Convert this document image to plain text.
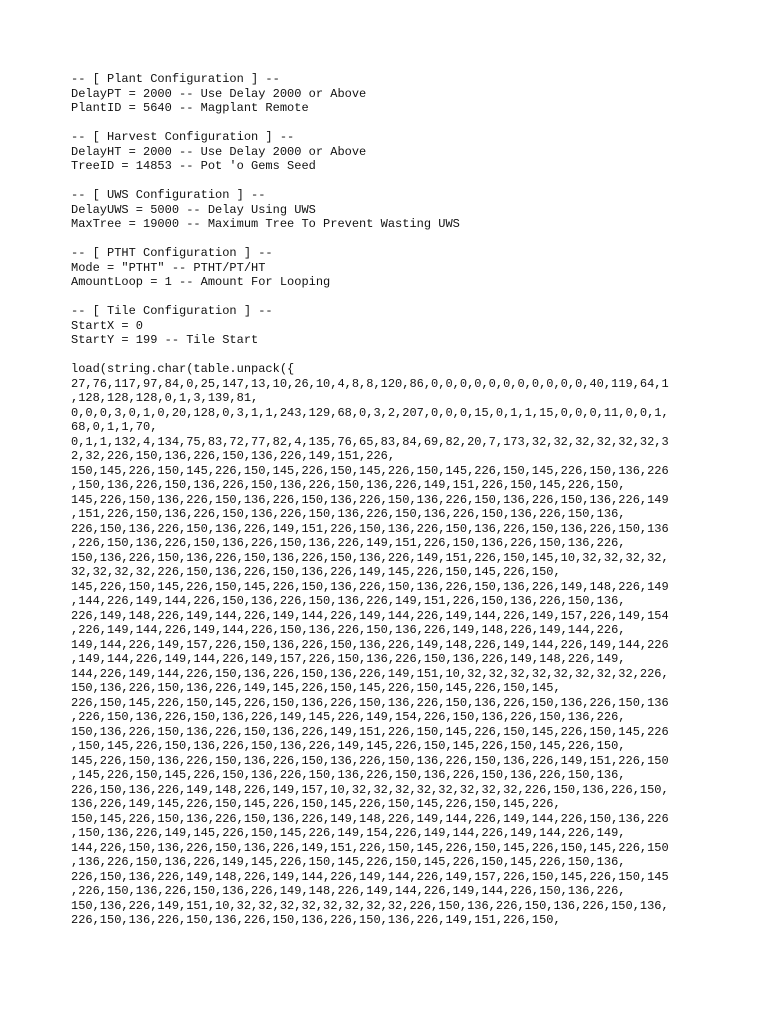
-- [ Plant Configuration ] --
DelayPT = 2000 -- Use Delay 2000 or Above
PlantID = 5640 -- Magplant Remote
-- [ Harvest Configuration ] --
DelayHT = 2000 -- Use Delay 2000 or Above
TreeID = 14853 -- Pot 'o Gems Seed
-- [ UWS Configuration ] --
DelayUWS = 5000 -- Delay Using UWS
MaxTree = 19000 -- Maximum Tree To Prevent Wasting UWS
-- [ PTHT Configuration ] --
Mode = "PTHT" -- PTHT/PT/HT
AmountLoop = 1 -- Amount For Looping
-- [ Tile Configuration ] --
StartX = 0
StartY = 199 -- Tile Start
load(string.char(table.unpack({
27,76,117,97,84,0,25,147,13,10,26,10,4,8,8,120,86,0,0,0,0,0,0,0,0,0,0,0,40,119,64,1
,128,128,128,0,1,3,139,81,
0,0,0,3,0,1,0,20,128,0,3,1,1,243,129,68,0,3,2,207,0,0,0,15,0,1,1,15,0,0,0,11,0,0,1,
68,0,1,1,70,
0,1,1,132,4,134,75,83,72,77,82,4,135,76,65,83,84,69,82,20,7,173,32,32,32,32,32,32,3
2,32,226,150,136,226,150,136,226,149,151,226,
150,145,226,150,145,226,150,145,226,150,145,226,150,145,226,150,145,226,150,136,226
,150,136,226,150,136,226,150,136,226,150,136,226,149,151,226,150,145,226,150,
145,226,150,136,226,150,136,226,150,136,226,150,136,226,150,136,226,150,136,226,149
,151,226,150,136,226,150,136,226,150,136,226,150,136,226,150,136,226,150,136,
226,150,136,226,150,136,226,149,151,226,150,136,226,150,136,226,150,136,226,150,136
,226,150,136,226,150,136,226,150,136,226,149,151,226,150,136,226,150,136,226,
150,136,226,150,136,226,150,136,226,150,136,226,149,151,226,150,145,10,32,32,32,32,
32,32,32,32,226,150,136,226,150,136,226,149,145,226,150,145,226,150,
145,226,150,145,226,150,145,226,150,136,226,150,136,226,150,136,226,149,148,226,149
,144,226,149,144,226,150,136,226,150,136,226,149,151,226,150,136,226,150,136,
226,149,148,226,149,144,226,149,144,226,149,144,226,149,144,226,149,157,226,149,154
,226,149,144,226,149,144,226,150,136,226,150,136,226,149,148,226,149,144,226,
149,144,226,149,157,226,150,136,226,150,136,226,149,148,226,149,144,226,149,144,226
,149,144,226,149,144,226,149,157,226,150,136,226,150,136,226,149,148,226,149,
144,226,149,144,226,150,136,226,150,136,226,149,151,10,32,32,32,32,32,32,32,32,226,
150,136,226,150,136,226,149,145,226,150,145,226,150,145,226,150,145,
226,150,145,226,150,145,226,150,136,226,150,136,226,150,136,226,150,136,226,150,136
,226,150,136,226,150,136,226,149,145,226,149,154,226,150,136,226,150,136,226,
150,136,226,150,136,226,150,136,226,149,151,226,150,145,226,150,145,226,150,145,226
,150,145,226,150,136,226,150,136,226,149,145,226,150,145,226,150,145,226,150,
145,226,150,136,226,150,136,226,150,136,226,150,136,226,150,136,226,149,151,226,150
,145,226,150,145,226,150,136,226,150,136,226,150,136,226,150,136,226,150,136,
226,150,136,226,149,148,226,149,157,10,32,32,32,32,32,32,32,32,226,150,136,226,150,
136,226,149,145,226,150,145,226,150,145,226,150,145,226,150,145,226,
150,145,226,150,136,226,150,136,226,149,148,226,149,144,226,149,144,226,150,136,226
,150,136,226,149,145,226,150,145,226,149,154,226,149,144,226,149,144,226,149,
144,226,150,136,226,150,136,226,149,151,226,150,145,226,150,145,226,150,145,226,150
,136,226,150,136,226,149,145,226,150,145,226,150,145,226,150,145,226,150,136,
226,150,136,226,149,148,226,149,144,226,149,144,226,149,157,226,150,145,226,150,145
,226,150,136,226,150,136,226,149,148,226,149,144,226,149,144,226,150,136,226,
150,136,226,149,151,10,32,32,32,32,32,32,32,32,226,150,136,226,150,136,226,150,136,
226,150,136,226,150,136,226,150,136,226,150,136,226,149,151,226,150,
